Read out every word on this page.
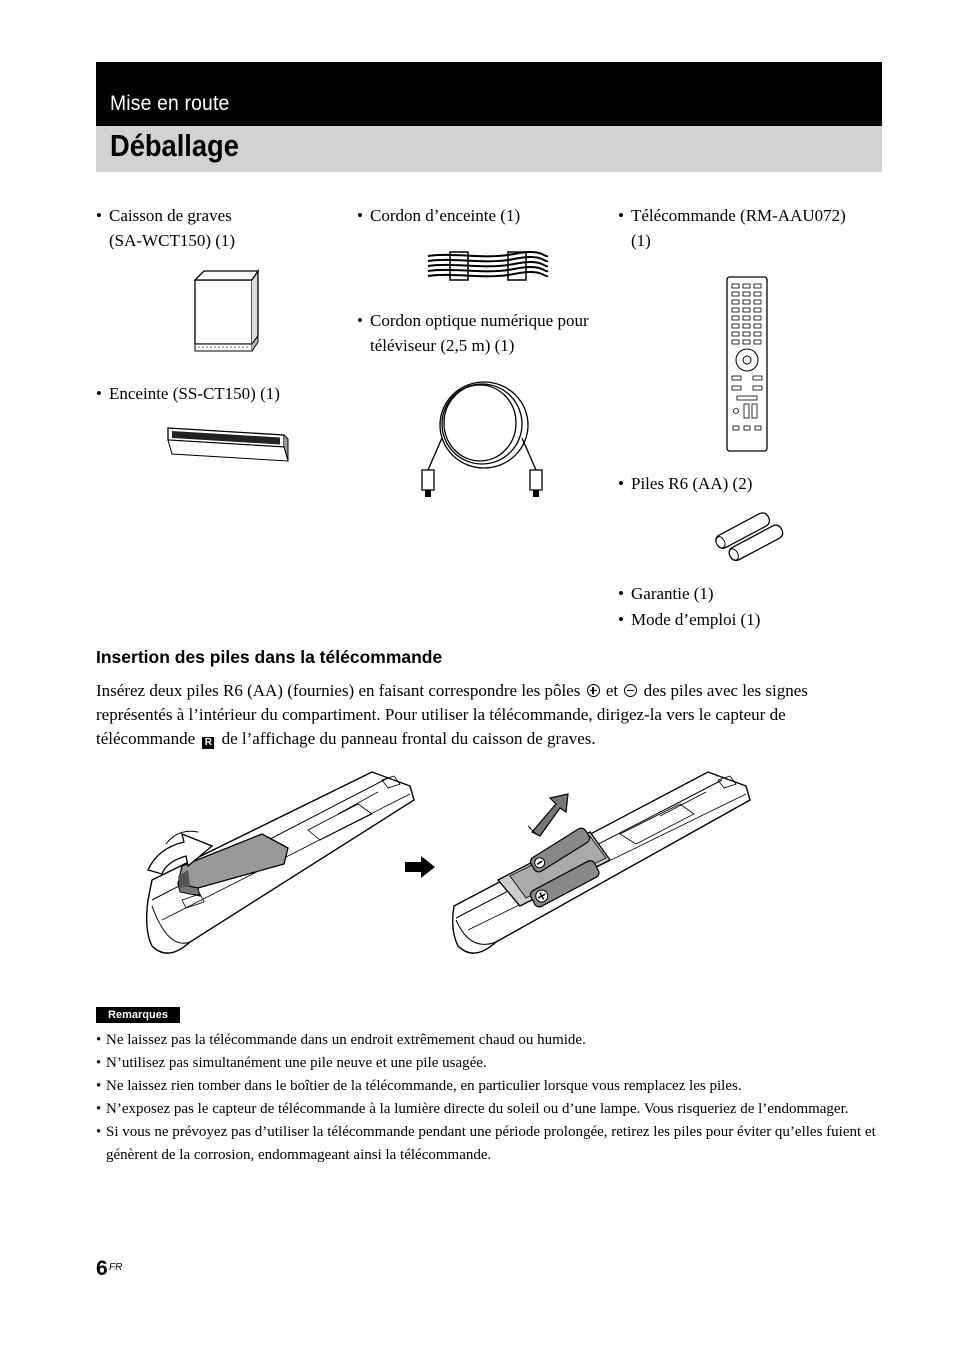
Mise en route
Déballage
• Caisson de graves
(SA-WCT150) (1)
• Enceinte (SS-CT150) (1)
• Cordon d’enceinte (1)
• Cordon optique numérique pour
téléviseur (2,5 m) (1)
• Télécommande (RM-AAU072)
(1)
• Piles R6 (AA) (2)
• Garantie (1)
• Mode d’emploi (1)
Insertion des piles dans la télécommande
Insérez deux piles R6 (AA) (fournies) en faisant correspondre les pôles et des piles avec les signes
représentés à l’intérieur du compartiment. Pour utiliser la télécommande, dirigez-la vers le capteur de
télécommande R de l’affichage du panneau frontal du caisson de graves.
Remarques
• Ne laissez pas la télécommande dans un endroit extrêmement chaud ou humide.
• N’utilisez pas simultanément une pile neuve et une pile usagée.
• Ne laissez rien tomber dans le boîtier de la télécommande, en particulier lorsque vous remplacez les piles.
• N’exposez pas le capteur de télécommande à la lumière directe du soleil ou d’une lampe. Vous risqueriez de l’endommager.
• Si vous ne prévoyez pas d’utiliser la télécommande pendant une période prolongée, retirez les piles pour éviter qu’elles fuient et génèrent de la corrosion, endommageant ainsi la télécommande.
6 FR
